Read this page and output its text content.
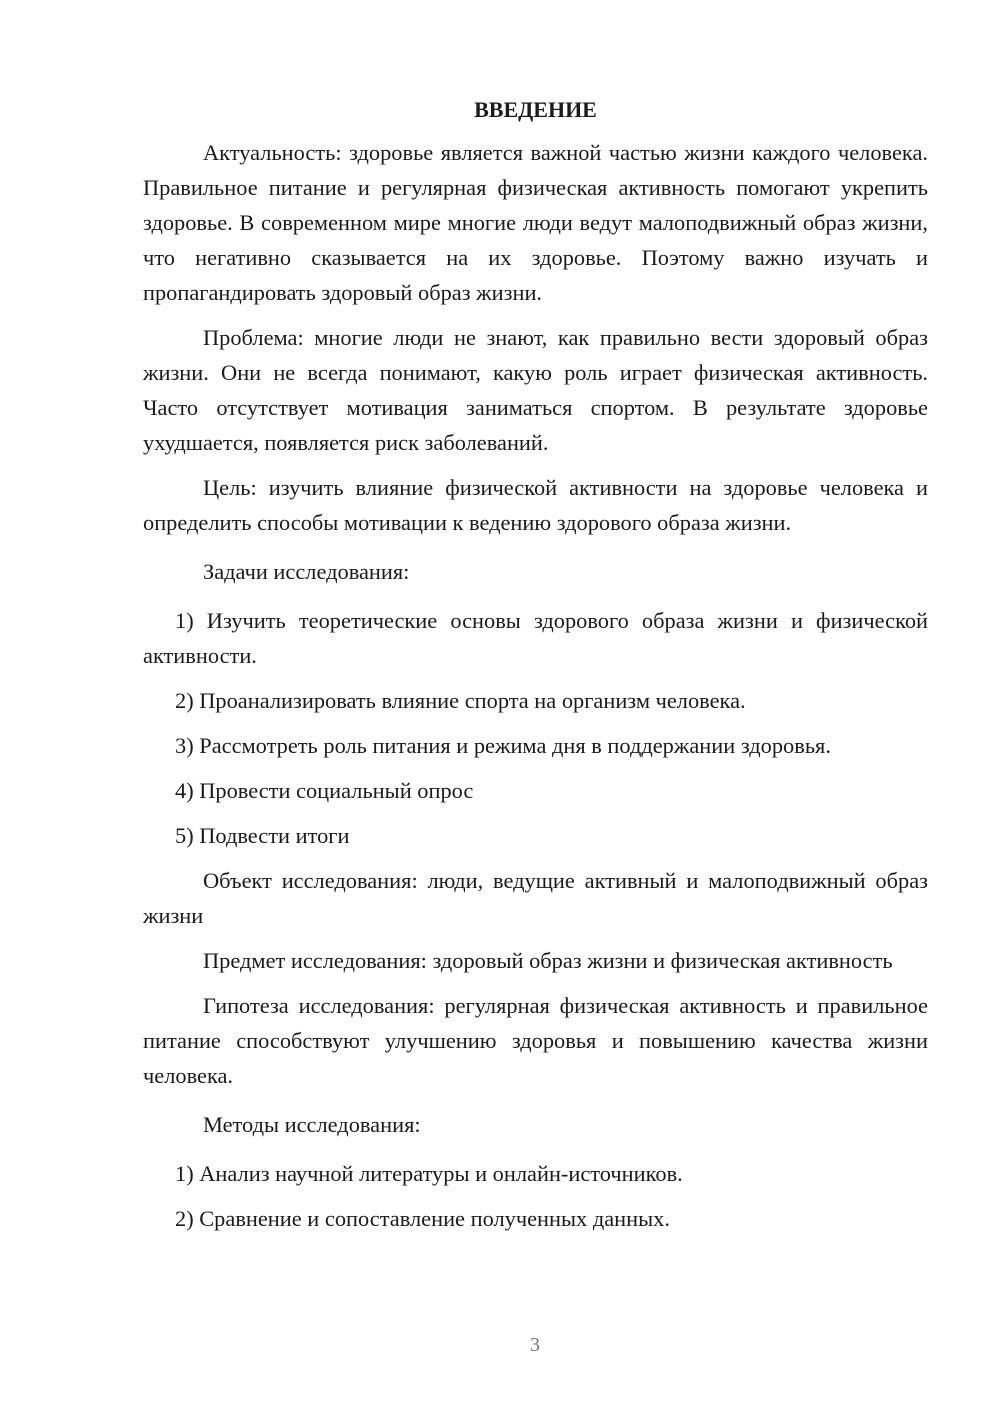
ВВЕДЕНИЕ

Актуальность: здоровье является важной частью жизни каждого человека. Правильное питание и регулярная физическая активность помогают укрепить здоровье. В современном мире многие люди ведут малоподвижный образ жизни, что негативно сказывается на их здоровье. Поэтому важно изучать и пропагандировать здоровый образ жизни.

Проблема: многие люди не знают, как правильно вести здоровый образ жизни. Они не всегда понимают, какую роль играет физическая активность. Часто отсутствует мотивация заниматься спортом. В результате здоровье ухудшается, появляется риск заболеваний.

Цель: изучить влияние физической активности на здоровье человека и определить способы мотивации к ведению здорового образа жизни.

Задачи исследования:

1) Изучить теоретические основы здорового образа жизни и физической активности.

2) Проанализировать влияние спорта на организм человека.

3) Рассмотреть роль питания и режима дня в поддержании здоровья.

4) Провести социальный опрос

5) Подвести итоги

Объект исследования: люди, ведущие активный и малоподвижный образ жизни

Предмет исследования: здоровый образ жизни и физическая активность

Гипотеза исследования: регулярная физическая активность и правильное питание способствуют улучшению здоровья и повышению качества жизни человека.

Методы исследования:

1) Анализ научной литературы и онлайн-источников.

2) Сравнение и сопоставление полученных данных.

3
